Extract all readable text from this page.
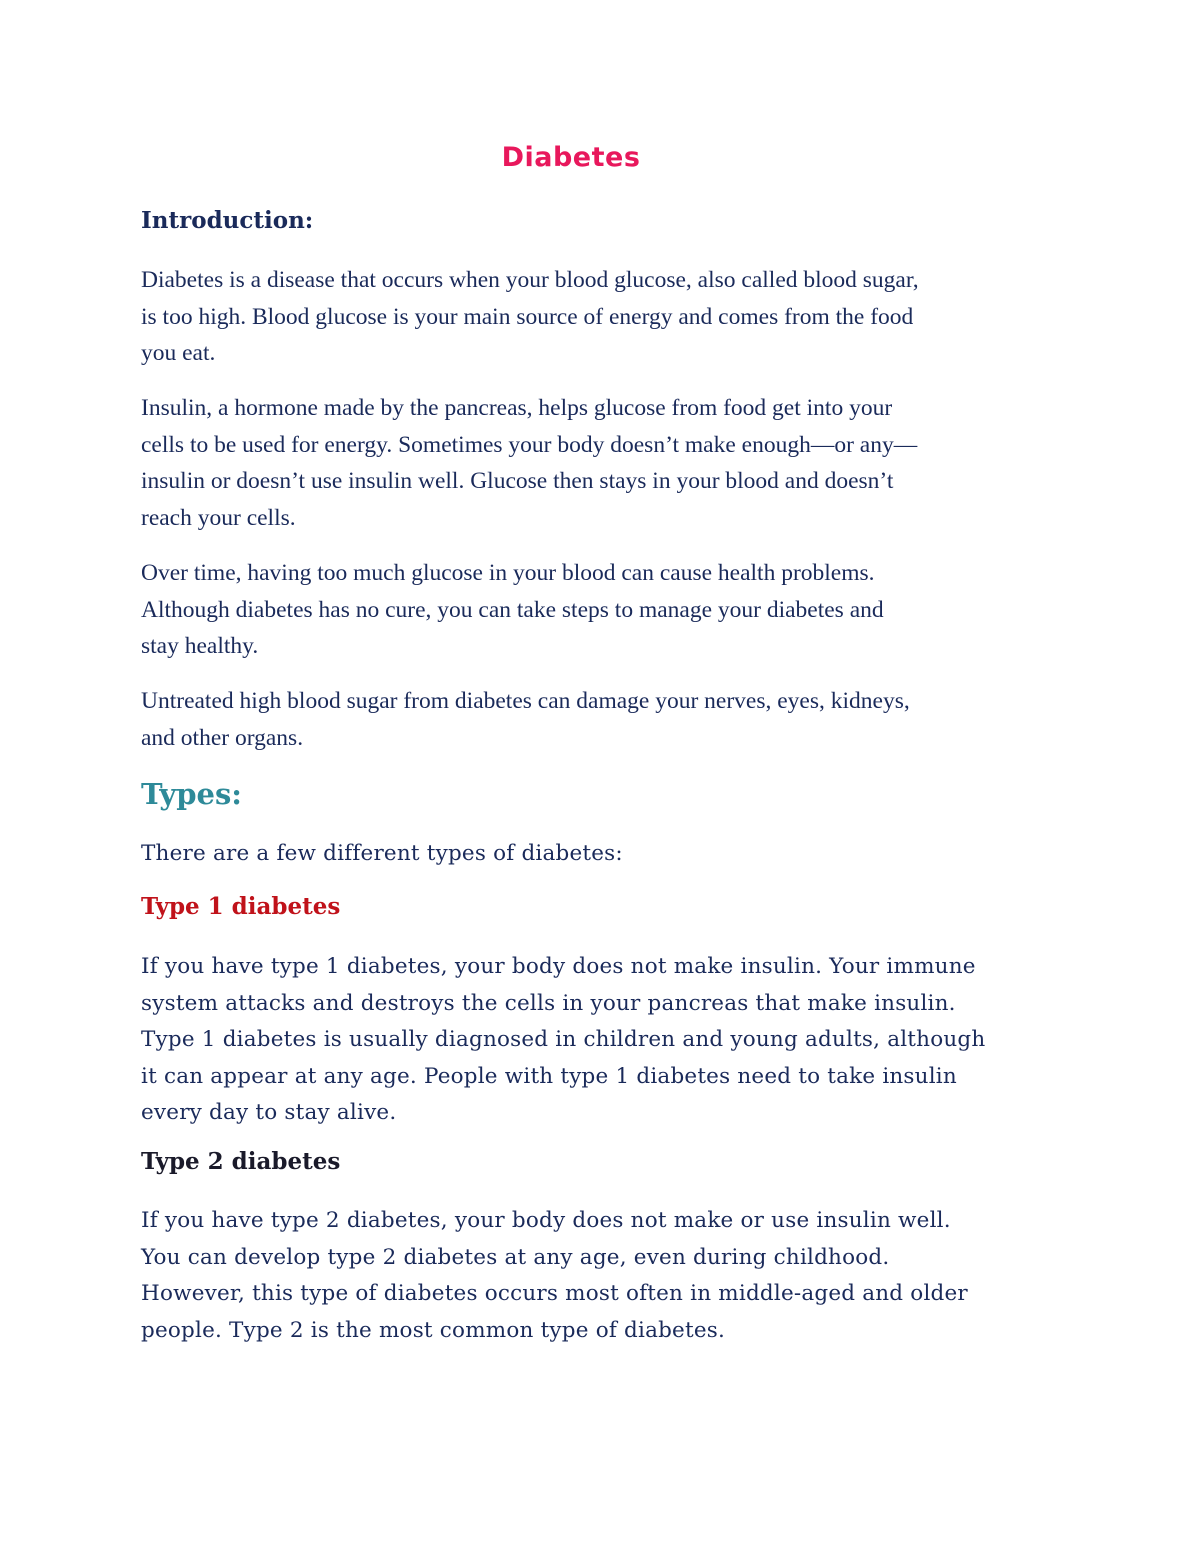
Diabetes
Introduction:

Diabetes is a disease that occurs when your blood glucose, also called blood sugar,
is too high. Blood glucose is your main source of energy and comes from the food
you eat.

Insulin, a hormone made by the pancreas, helps glucose from food get into your
cells to be used for energy. Sometimes your body doesn’t make enough—or any—
insulin or doesn’t use insulin well. Glucose then stays in your blood and doesn’t
reach your cells.

Over time, having too much glucose in your blood can cause health problems.
Although diabetes has no cure, you can take steps to manage your diabetes and
stay healthy.

Untreated high blood sugar from diabetes can damage your nerves, eyes, kidneys,
and other organs.

Types:

There are a few different types of diabetes:

Type 1 diabetes

If you have type 1 diabetes, your body does not make insulin. Your immune
system attacks and destroys the cells in your pancreas that make insulin.
Type 1 diabetes is usually diagnosed in children and young adults, although
it can appear at any age. People with type 1 diabetes need to take insulin
every day to stay alive.

Type 2 diabetes

If you have type 2 diabetes, your body does not make or use insulin well.
You can develop type 2 diabetes at any age, even during childhood.
However, this type of diabetes occurs most often in middle-aged and older
people. Type 2 is the most common type of diabetes.
